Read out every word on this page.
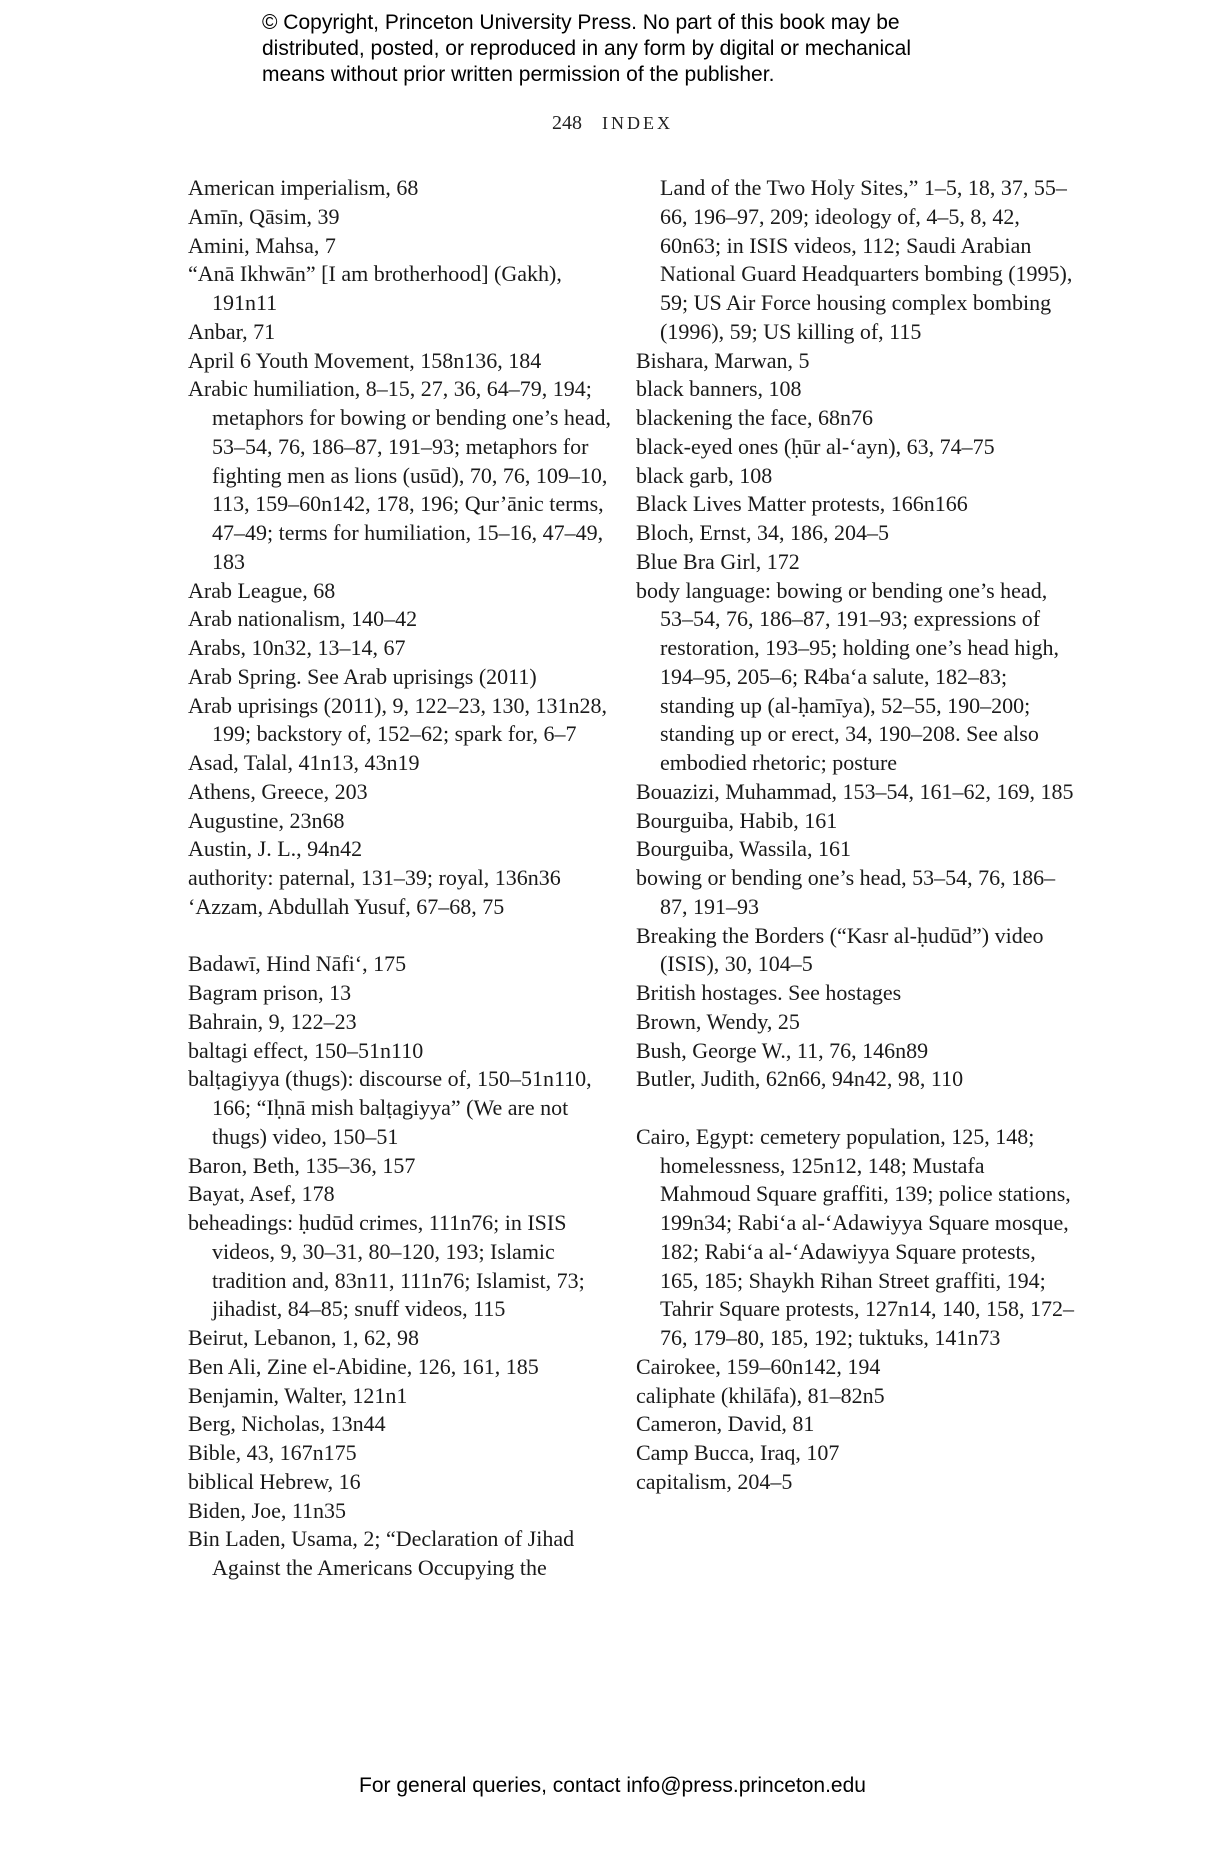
© Copyright, Princeton University Press. No part of this book may be
distributed, posted, or reproduced in any form by digital or mechanical
means without prior written permission of the publisher.
248 INDEX
American imperialism, 68
Amīn, Qāsim, 39
Amini, Mahsa, 7
“Anā Ikhwān” [I am brotherhood] (Gakh), 191n11
Anbar, 71
April 6 Youth Movement, 158n136, 184
Arabic humiliation, 8–15, 27, 36, 64–79, 194; metaphors for bowing or bending one’s head, 53–54, 76, 186–87, 191–93; metaphors for fighting men as lions (usūd), 70, 76, 109–10, 113, 159–60n142, 178, 196; Qur’ānic terms, 47–49; terms for humiliation, 15–16, 47–49, 183
Arab League, 68
Arab nationalism, 140–42
Arabs, 10n32, 13–14, 67
Arab Spring. See Arab uprisings (2011)
Arab uprisings (2011), 9, 122–23, 130, 131n28, 199; backstory of, 152–62; spark for, 6–7
Asad, Talal, 41n13, 43n19
Athens, Greece, 203
Augustine, 23n68
Austin, J. L., 94n42
authority: paternal, 131–39; royal, 136n36
‘Azzam, Abdullah Yusuf, 67–68, 75
Badawī, Hind Nāfi‘, 175
Bagram prison, 13
Bahrain, 9, 122–23
baltagi effect, 150–51n110
balṭagiyya (thugs): discourse of, 150–51n110, 166; “Iḥnā mish balṭagiyya” (We are not thugs) video, 150–51
Baron, Beth, 135–36, 157
Bayat, Asef, 178
beheadings: ḥudūd crimes, 111n76; in ISIS videos, 9, 30–31, 80–120, 193; Islamic tradition and, 83n11, 111n76; Islamist, 73; jihadist, 84–85; snuff videos, 115
Beirut, Lebanon, 1, 62, 98
Ben Ali, Zine el-Abidine, 126, 161, 185
Benjamin, Walter, 121n1
Berg, Nicholas, 13n44
Bible, 43, 167n175
biblical Hebrew, 16
Biden, Joe, 11n35
Bin Laden, Usama, 2; “Declaration of Jihad Against the Americans Occupying the
Land of the Two Holy Sites,” 1–5, 18, 37, 55–66, 196–97, 209; ideology of, 4–5, 8, 42, 60n63; in ISIS videos, 112; Saudi Arabian National Guard Headquarters bombing (1995), 59; US Air Force housing complex bombing (1996), 59; US killing of, 115
Bishara, Marwan, 5
black banners, 108
blackening the face, 68n76
black-eyed ones (ḥūr al-‘ayn), 63, 74–75
black garb, 108
Black Lives Matter protests, 166n166
Bloch, Ernst, 34, 186, 204–5
Blue Bra Girl, 172
body language: bowing or bending one’s head, 53–54, 76, 186–87, 191–93; expressions of restoration, 193–95; holding one’s head high, 194–95, 205–6; R4ba‘a salute, 182–83; standing up (al-ḥamīya), 52–55, 190–200; standing up or erect, 34, 190–208. See also embodied rhetoric; posture
Bouazizi, Muhammad, 153–54, 161–62, 169, 185
Bourguiba, Habib, 161
Bourguiba, Wassila, 161
bowing or bending one’s head, 53–54, 76, 186–87, 191–93
Breaking the Borders (“Kasr al-ḥudūd”) video (ISIS), 30, 104–5
British hostages. See hostages
Brown, Wendy, 25
Bush, George W., 11, 76, 146n89
Butler, Judith, 62n66, 94n42, 98, 110
Cairo, Egypt: cemetery population, 125, 148; homelessness, 125n12, 148; Mustafa Mahmoud Square graffiti, 139; police stations, 199n34; Rabi‘a al-‘Adawiyya Square mosque, 182; Rabi‘a al-‘Adawiyya Square protests, 165, 185; Shaykh Rihan Street graffiti, 194; Tahrir Square protests, 127n14, 140, 158, 172–76, 179–80, 185, 192; tuktuks, 141n73
Cairokee, 159–60n142, 194
caliphate (khilāfa), 81–82n5
Cameron, David, 81
Camp Bucca, Iraq, 107
capitalism, 204–5
For general queries, contact info@press.princeton.edu
